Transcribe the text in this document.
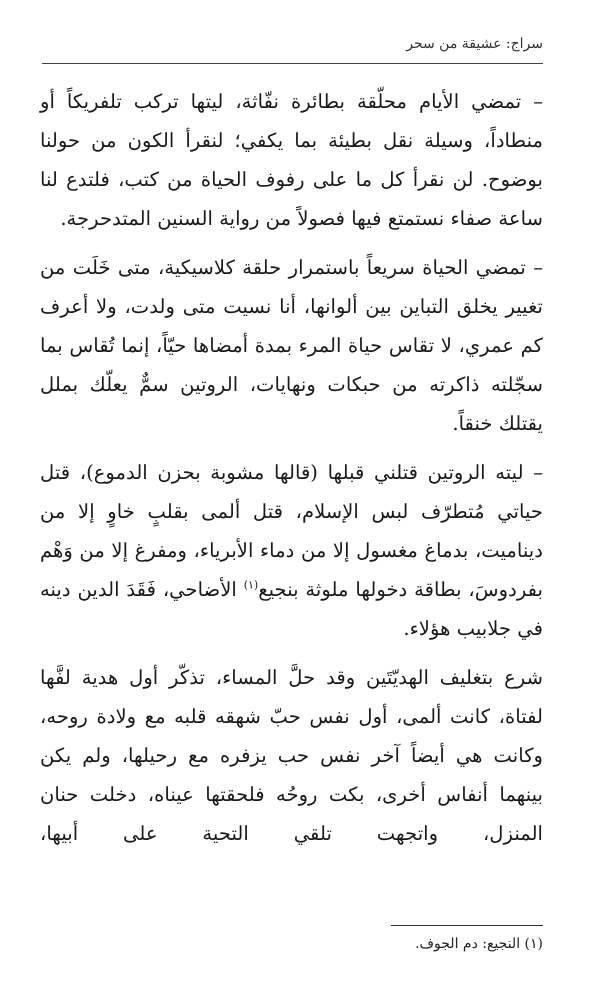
سراج: عشيقة من سحر

– تمضي الأيام محلّقة بطائرة نفّاثة، ليتها تركب تلفريكاً أو منطاداً، وسيلة نقل بطيئة بما يكفي؛ لنقرأ الكون من حولنا بوضوح. لن نقرأ كل ما على رفوف الحياة من كتب، فلتدع لنا ساعة صفاء نستمتع فيها فصولاً من رواية السنين المتدحرجة.

– تمضي الحياة سريعاً باستمرار حلقة كلاسيكية، متى خَلَت من تغيير يخلق التباين بين ألوانها، أنا نسيت متى ولدت، ولا أعرف كم عمري، لا تقاس حياة المرء بمدة أمضاها حيّاً، إنما تُقاس بما سجّلته ذاكرته من حبكات ونهايات، الروتين سمٌّ يعلّك بملل يقتلك خنقاً.

– ليته الروتين قتلني قبلها (قالها مشوبة بحزن الدموع)، قتل حياتي مُتطرّف لبس الإسلام، قتل ألمى بقلبٍ خاوٍ إلا من ديناميت، بدماغ مغسول إلا من دماء الأبرياء، ومفرغ إلا من وَهْم بفردوسَ، بطاقة دخولها ملوثة بنجيع$^{(١)}$ الأضاحي، فَقَدَ الدين دينه في جلابيب هؤلاء.

شرع بتغليف الهديّتَين وقد حلَّ المساء، تذكّر أول هدية لفَّها لفتاة، كانت ألمى، أول نفس حبّ شهقه قلبه مع ولادة روحه، وكانت هي أيضاً آخر نفس حب يزفره مع رحيلها، ولم يكن بينهما أنفاس أخرى، بكت روحُه فلحقتها عيناه، دخلت حنان المنزل، واتجهت تلقي التحية على أبيها،

(١) النجيع: دم الجوف.
